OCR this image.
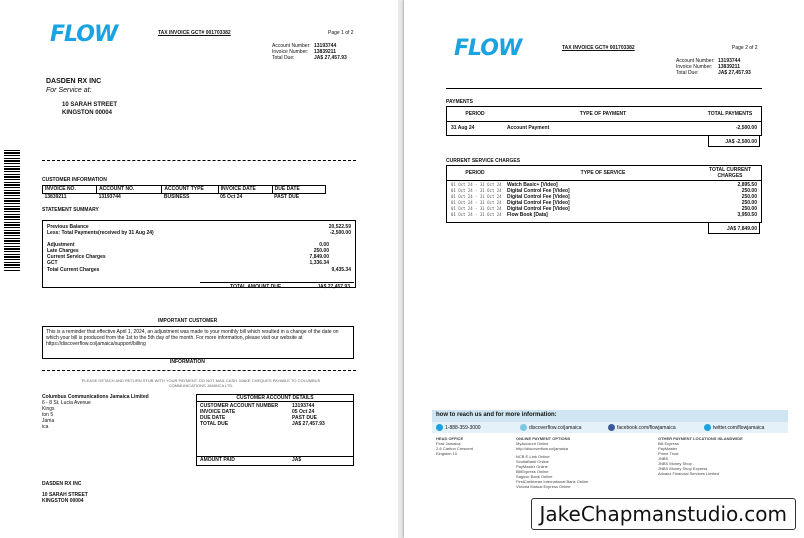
FLOW	TAX INVOICE GCT# 001703382	Page 1 of 2
Account Number: 13193744
Invoice Number:	13839211
Total Due:	JA$ 27,457.93
DASDEN RX INC
For Service at:
10 SARAH STREET
KINGSTON 00004
CUSTOMER INFORMATION
INVOICE NO.	ACCOUNT NO.	ACCOUNT TYPE	INVOICE DATE	DUE DATE
13839211	13193744	BUSINESS	05 Oct 24	PAST DUE
STATEMENT SUMMARY
Previous Balance	20,522.59
Less: Total Payments(received by 31 Aug 24)	-2,500.00
Adjustment	0.00
Late Charges	250.00
Current Service Charges	7,849.00
GCT	1,336.34
Total Current Charges	9,435.34
TOTAL AMOUNT DUE	JA$ 27,457.93
IMPORTANT CUSTOMER
This is a reminder that effective April 1, 2024, an adjustment was made to your monthly bill which resulted in a change of the date on which your bill is produced from the 1st to the 5th day of the month. For more information, please visit our website at https://discoverflow.co/jamaica/support/billing
INFORMATION
PLEASE DETACH AND RETURN STUB WITH YOUR PAYMENT. DO NOT MAIL CASH. MAKE CHEQUES PAYABLE TO COLUMBUS COMMUNICATIONS JAMAICA LTD.
Columbus Communications Jamaica Limited
6 - 8 St. Lucia Avenue
Kings
ton 5
Jama
ica
CUSTOMER ACCOUNT DETAILS
CUSTOMER ACCOUNT NUMBER	13193744
INVOICE DATE	05 Oct 24
DUE DATE	PAST DUE
TOTAL DUE	JA$ 27,457.93
AMOUNT PAID	JA$
DASDEN RX INC
10 SARAH STREET
KINGSTON 00004
FLOW	TAX INVOICE GCT# 001703382	Page 2 of 2
Account Number: 13193744
Invoice Number:	13839211
Total Due:	JA$ 27,457.93
PAYMENTS
PERIOD	TYPE OF PAYMENT	TOTAL PAYMENTS
31 Aug 24	Account Payment	-2,500.00
JA$ -2,500.00
CURRENT SERVICE CHARGES
PERIOD	TYPE OF SERVICE	TOTAL CURRENT CHARGES
01 Oct 24 - 31 Oct 24	Watch Basic+ [Video]	2,895.50
01 Oct 24 - 31 Oct 24	Digital Control Fee [Video]	250.00
01 Oct 24 - 31 Oct 24	Digital Control Fee [Video]	250.00
01 Oct 24 - 31 Oct 24	Digital Control Fee [Video]	250.00
01 Oct 24 - 31 Oct 24	Digital Control Fee [Video]	250.00
01 Oct 24 - 31 Oct 24	Flow Book [Data]	3,950.50
JA$ 7,849.00
how to reach us and for more information:
1-888-359-3000	discoverflow.co/jamaica	facebook.com/flowjamaica	twitter.com/flowjamaica
HEAD OFFICE
Flow Jamaica
2-6 Carlton Crescent
Kingston 10
ONLINE PAYMENT OPTIONS
MyAccount Online
http://discoverflow.co/jamaica
NCB E-Link Online
ScotiaBank Online
PayMaster Online
BillExpress Online
Sagicor Bank Online
FirstCaribbean International Bank Online
Victoria Mutual Express Online
OTHER PAYMENT LOCATIONS ISLANDWIDE
Bill Express
PayMaster
Prime Trust
JNBS
JNBS Money Shop
JNBS Money Shop Express
Advanz Financial Services Limited
JakeChapmanstudio.com
